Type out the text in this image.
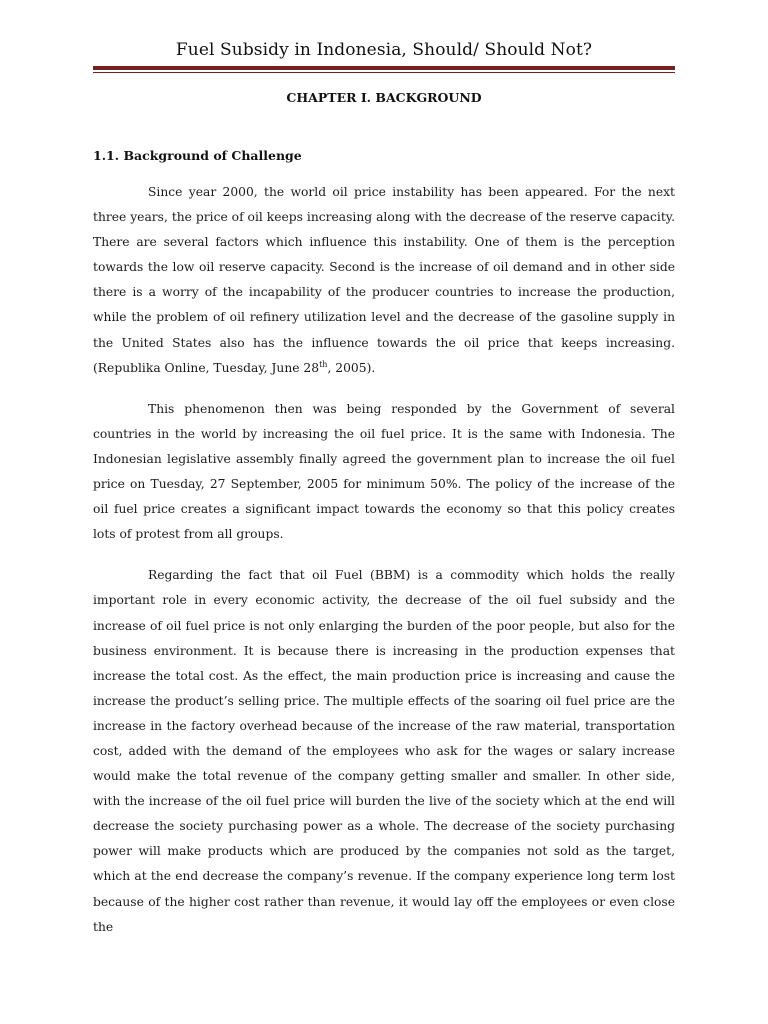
Fuel Subsidy in Indonesia, Should/ Should Not?
CHAPTER I. BACKGROUND
1.1. Background of Challenge

Since year 2000, the world oil price instability has been appeared. For the next three years, the price of oil keeps increasing along with the decrease of the reserve capacity. There are several factors which influence this instability. One of them is the perception towards the low oil reserve capacity. Second is the increase of oil demand and in other side there is a worry of the incapability of the producer countries to increase the production, while the problem of oil refinery utilization level and the decrease of the gasoline supply in the United States also has the influence towards the oil price that keeps increasing. (Republika Online, Tuesday, June 28th, 2005).

This phenomenon then was being responded by the Government of several countries in the world by increasing the oil fuel price. It is the same with Indonesia. The Indonesian legislative assembly finally agreed the government plan to increase the oil fuel price on Tuesday, 27 September, 2005 for minimum 50%. The policy of the increase of the oil fuel price creates a significant impact towards the economy so that this policy creates lots of protest from all groups.

Regarding the fact that oil Fuel (BBM) is a commodity which holds the really important role in every economic activity, the decrease of the oil fuel subsidy and the increase of oil fuel price is not only enlarging the burden of the poor people, but also for the business environment. It is because there is increasing in the production expenses that increase the total cost. As the effect, the main production price is increasing and cause the increase the product’s selling price. The multiple effects of the soaring oil fuel price are the increase in the factory overhead because of the increase of the raw material, transportation cost, added with the demand of the employees who ask for the wages or salary increase would make the total revenue of the company getting smaller and smaller. In other side, with the increase of the oil fuel price will burden the live of the society which at the end will decrease the society purchasing power as a whole. The decrease of the society purchasing power will make products which are produced by the companies not sold as the target, which at the end decrease the company’s revenue. If the company experience long term lost because of the higher cost rather than revenue, it would lay off the employees or even close the
